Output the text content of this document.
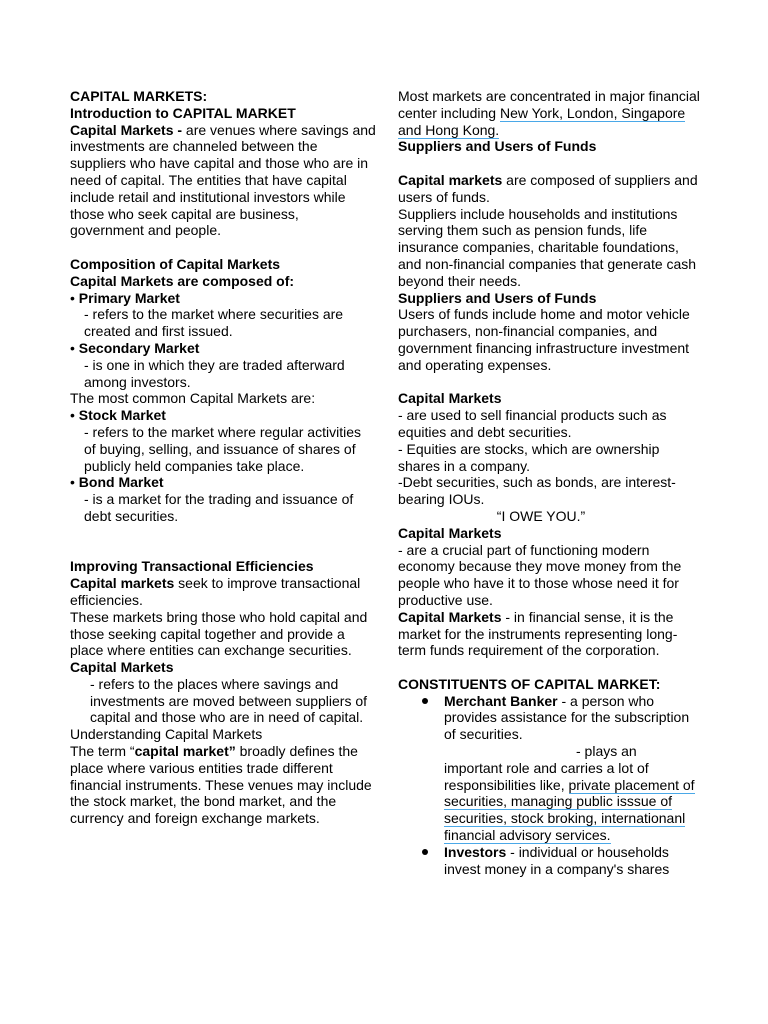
CAPITAL MARKETS:

Introduction to CAPITAL MARKET

Capital Markets - are venues where savings and investments are channeled between the suppliers who have capital and those who are in need of capital. The entities that have capital include retail and institutional investors while those who seek capital are business, government and people.

Composition of Capital Markets

Capital Markets are composed of:

• Primary Market

- refers to the market where securities are created and first issued.

• Secondary Market

- is one in which they are traded afterward among investors.

The most common Capital Markets are:

• Stock Market

- refers to the market where regular activities of buying, selling, and issuance of shares of publicly held companies take place.

• Bond Market

- is a market for the trading and issuance of debt securities.

Improving Transactional Efficiencies

Capital markets seek to improve transactional efficiencies.

These markets bring those who hold capital and those seeking capital together and provide a place where entities can exchange securities.

Capital Markets

- refers to the places where savings and investments are moved between suppliers of capital and those who are in need of capital.

Understanding Capital Markets

The term “capital market” broadly defines the place where various entities trade different financial instruments. These venues may include the stock market, the bond market, and the currency and foreign exchange markets.

Most markets are concentrated in major financial center including New York, London, Singapore and Hong Kong.

Suppliers and Users of Funds

Capital markets are composed of suppliers and users of funds.

Suppliers include households and institutions serving them such as pension funds, life insurance companies, charitable foundations, and non-financial companies that generate cash beyond their needs.

Suppliers and Users of Funds

Users of funds include home and motor vehicle purchasers, non-financial companies, and government financing infrastructure investment and operating expenses.

Capital Markets

- are used to sell financial products such as equities and debt securities.

- Equities are stocks, which are ownership shares in a company.

-Debt securities, such as bonds, are interest-bearing IOUs.

“I OWE YOU.”

Capital Markets

- are a crucial part of functioning modern economy because they move money from the people who have it to those whose need it for productive use.

Capital Markets - in financial sense, it is the market for the instruments representing long-term funds requirement of the corporation.

CONSTITUENTS OF CAPITAL MARKET:

Merchant Banker - a person who provides assistance for the subscription of securities.

- plays an

important role and carries a lot of responsibilities like, private placement of securities, managing public isssue of securities, stock broking, internationanl financial advisory services.

Investors - individual or households invest money in a company's shares
